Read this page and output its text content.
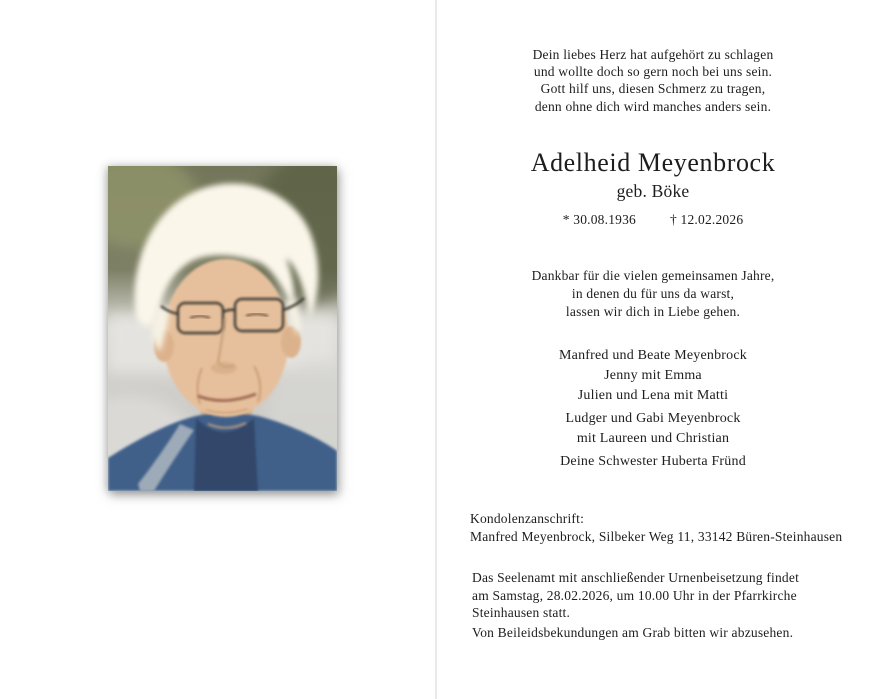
Dein liebes Herz hat aufgehört zu schlagen
und wollte doch so gern noch bei uns sein.
Gott hilf uns, diesen Schmerz zu tragen,
denn ohne dich wird manches anders sein.
Adelheid Meyenbrock
geb. Böke
* 30.08.1936	† 12.02.2026
Dankbar für die vielen gemeinsamen Jahre,
in denen du für uns da warst,
lassen wir dich in Liebe gehen.
Manfred und Beate Meyenbrock
Jenny mit Emma
Julien und Lena mit Matti
Ludger und Gabi Meyenbrock
mit Laureen und Christian
Deine Schwester Huberta Fründ
Kondolenzanschrift:
Manfred Meyenbrock, Silbeker Weg 11, 33142 Büren-Steinhausen
Das Seelenamt mit anschließender Urnenbeisetzung findet
am Samstag, 28.02.2026, um 10.00 Uhr in der Pfarrkirche
Steinhausen statt.
Von Beileidsbekundungen am Grab bitten wir abzusehen.
